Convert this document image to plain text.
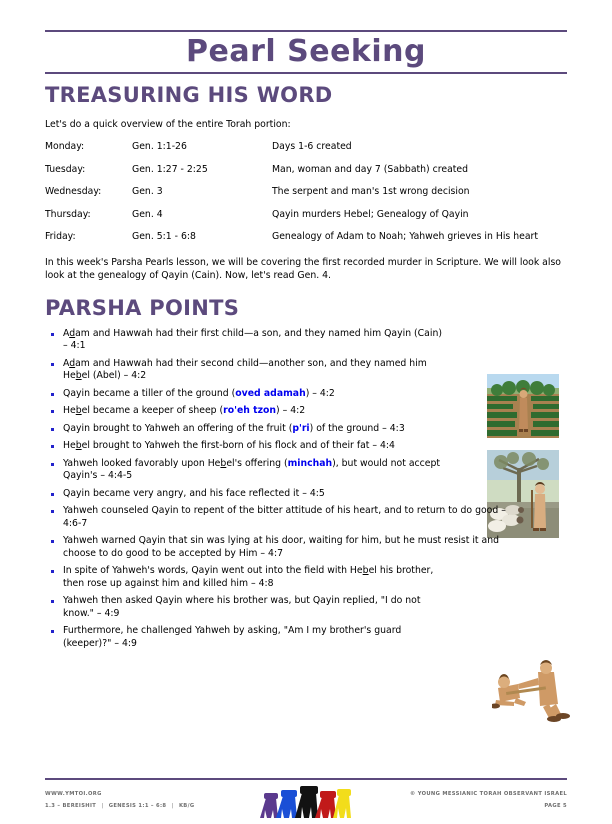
Pearl Seeking
TREASURING HIS WORD
Let's do a quick overview of the entire Torah portion:
Monday:	Gen. 1:1-26	Days 1-6 created
Tuesday:	Gen. 1:27 - 2:25	Man, woman and day 7 (Sabbath) created
Wednesday:	Gen. 3	The serpent and man's 1st wrong decision
Thursday:	Gen. 4	Qayin murders Hebel; Genealogy of Qayin
Friday:	Gen. 5:1 - 6:8	Genealogy of Adam to Noah; Yahweh grieves in His heart
In this week's Parsha Pearls lesson, we will be covering the first recorded murder in Scripture. We will look also look at the genealogy of Qayin (Cain). Now, let's read Gen. 4.
PARSHA POINTS
Adam and Hawwah had their first child—a son, and they named him Qayin (Cain) – 4:1
Adam and Hawwah had their second child—another son, and they named him Hebel (Abel) – 4:2
Qayin became a tiller of the ground (oved adamah) – 4:2
Hebel became a keeper of sheep (ro'eh tzon) – 4:2
Qayin brought to Yahweh an offering of the fruit (p'ri) of the ground – 4:3
Hebel brought to Yahweh the first-born of his flock and of their fat – 4:4
Yahweh looked favorably upon Hebel's offering (minchah), but would not accept Qayin's – 4:4-5
Qayin became very angry, and his face reflected it – 4:5
Yahweh counseled Qayin to repent of the bitter attitude of his heart, and to return to do good – 4:6-7
Yahweh warned Qayin that sin was lying at his door, waiting for him, but he must resist it and choose to do good to be accepted by Him – 4:7
In spite of Yahweh's words, Qayin went out into the field with Hebel his brother, then rose up against him and killed him – 4:8
Yahweh then asked Qayin where his brother was, but Qayin replied, "I do not know." – 4:9
Furthermore, he challenged Yahweh by asking, "Am I my brother's guard (keeper)?" – 4:9
WWW.YMTOI.ORG
1.3 – BEREISHIT | GENESIS 1:1 – 6:8 | KB/G
© YOUNG MESSIANIC TORAH OBSERVANT ISRAEL
PAGE 5
